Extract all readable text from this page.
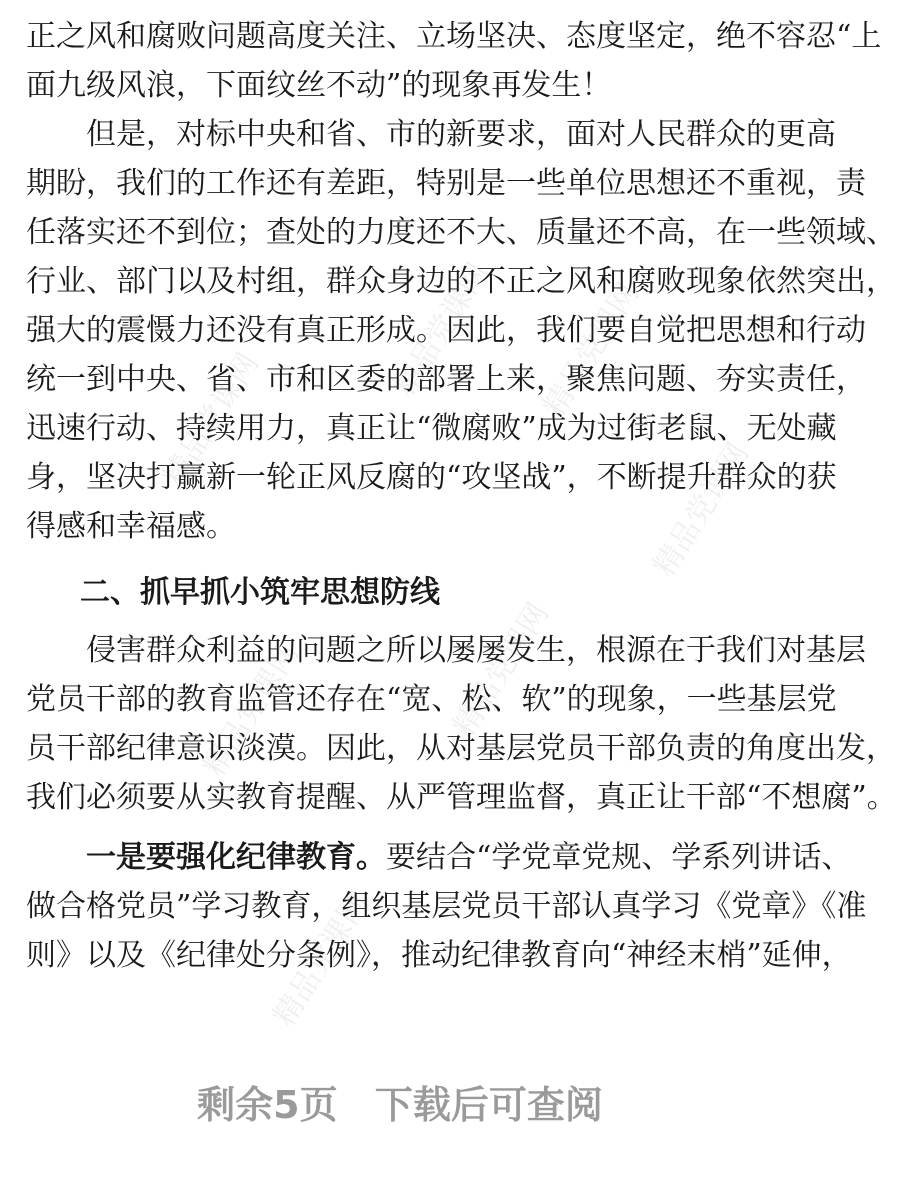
精品党课网
精品党课网 精品党课网
精品党课网	精品党课网
精品党课网
精品党课网
正之风和腐败问题高度关注、立场坚决、态度坚定，绝不容忍“上
面九级风浪，下面纹丝不动”的现象再发生！
但是，对标中央和省、市的新要求，面对人民群众的更高
期盼，我们的工作还有差距，特别是一些单位思想还不重视，责
任落实还不到位；查处的力度还不大、质量还不高，在一些领域、
行业、部门以及村组，群众身边的不正之风和腐败现象依然突出，
强大的震慑力还没有真正形成。因此，我们要自觉把思想和行动
统一到中央、省、市和区委的部署上来，聚焦问题、夯实责任，
迅速行动、持续用力，真正让“微腐败”成为过街老鼠、无处藏
身，坚决打赢新一轮正风反腐的“攻坚战”，不断提升群众的获
得感和幸福感。
二、抓早抓小筑牢思想防线
侵害群众利益的问题之所以屡屡发生，根源在于我们对基层
党员干部的教育监管还存在“宽、松、软”的现象，一些基层党
员干部纪律意识淡漠。因此，从对基层党员干部负责的角度出发，
我们必须要从实教育提醒、从严管理监督，真正让干部“不想腐”。
一是要强化纪律教育。要结合“学党章党规、学系列讲话、
做合格党员”学习教育，组织基层党员干部认真学习《党章》《准
则》以及《纪律处分条例》，推动纪律教育向“神经末梢”延伸，
剩余5页 下载后可查阅
